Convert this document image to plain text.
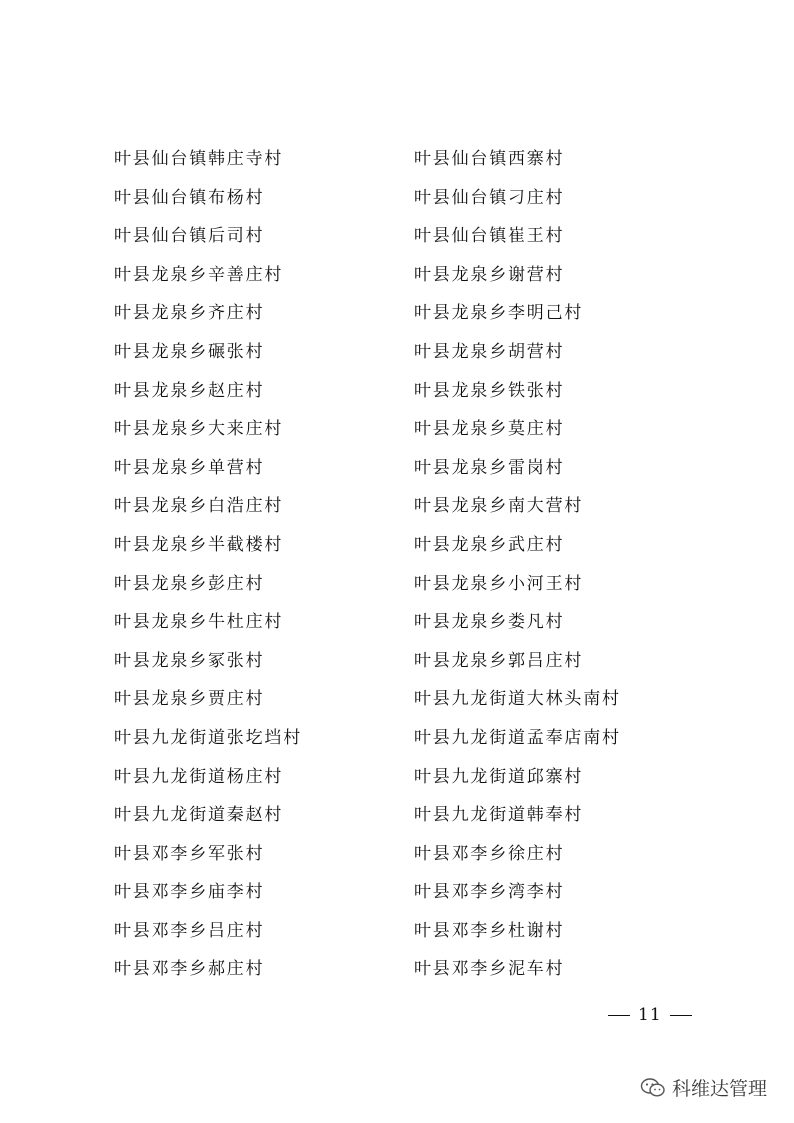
叶县仙台镇韩庄寺村
叶县仙台镇布杨村
叶县仙台镇后司村
叶县龙泉乡辛善庄村
叶县龙泉乡齐庄村
叶县龙泉乡碾张村
叶县龙泉乡赵庄村
叶县龙泉乡大来庄村
叶县龙泉乡单营村
叶县龙泉乡白浩庄村
叶县龙泉乡半截楼村
叶县龙泉乡彭庄村
叶县龙泉乡牛杜庄村
叶县龙泉乡冢张村
叶县龙泉乡贾庄村
叶县九龙街道张圪垱村
叶县九龙街道杨庄村
叶县九龙街道秦赵村
叶县邓李乡军张村
叶县邓李乡庙李村
叶县邓李乡吕庄村
叶县邓李乡郝庄村
叶县仙台镇西寨村
叶县仙台镇刁庄村
叶县仙台镇崔王村
叶县龙泉乡谢营村
叶县龙泉乡李明己村
叶县龙泉乡胡营村
叶县龙泉乡铁张村
叶县龙泉乡莫庄村
叶县龙泉乡雷岗村
叶县龙泉乡南大营村
叶县龙泉乡武庄村
叶县龙泉乡小河王村
叶县龙泉乡娄凡村
叶县龙泉乡郭吕庄村
叶县九龙街道大林头南村
叶县九龙街道孟奉店南村
叶县九龙街道邱寨村
叶县九龙街道韩奉村
叶县邓李乡徐庄村
叶县邓李乡湾李村
叶县邓李乡杜谢村
叶县邓李乡泥车村
11
科维达管理
